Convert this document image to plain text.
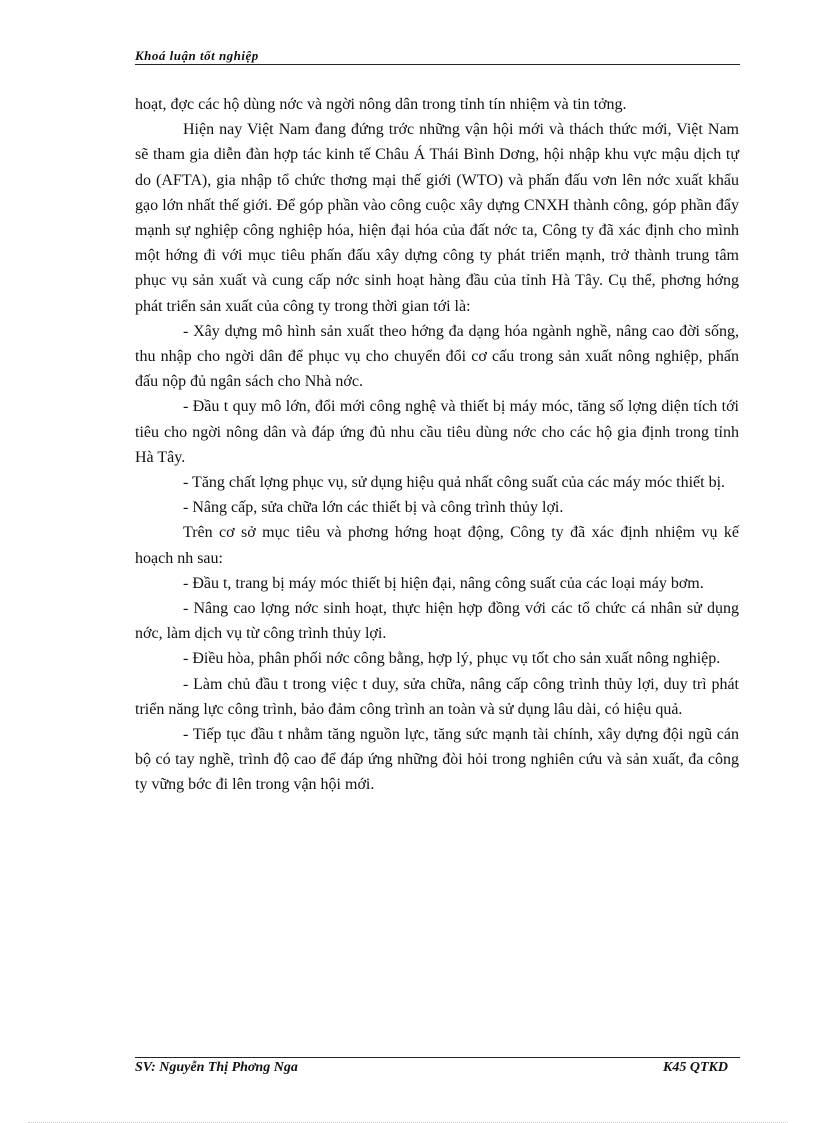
Khoá luận tốt nghiệp

hoạt, đợc các hộ dùng nớc và ngời nông dân trong tỉnh tín nhiệm và tin tởng.

Hiện nay Việt Nam đang đứng trớc những vận hội mới và thách thức mới, Việt Nam sẽ tham gia diễn đàn hợp tác kinh tế Châu Á Thái Bình Dơng, hội nhập khu vực mậu dịch tự do (AFTA), gia nhập tổ chức thơng mại thế giới (WTO) và phấn đấu vơn lên nớc xuất khẩu gạo lớn nhất thế giới. Để góp phần vào công cuộc xây dựng CNXH thành công, góp phần đẩy mạnh sự nghiệp công nghiệp hóa, hiện đại hóa của đất nớc ta, Công ty đã xác định cho mình một hớng đi với mục tiêu phấn đấu xây dựng công ty phát triển mạnh, trở thành trung tâm phục vụ sản xuất và cung cấp nớc sinh hoạt hàng đầu của tỉnh Hà Tây. Cụ thể, phơng hớng phát triển sản xuất của công ty trong thời gian tới là:

- Xây dựng mô hình sản xuất theo hớng đa dạng hóa ngành nghề, nâng cao đời sống, thu nhập cho ngời dân để phục vụ cho chuyển đổi cơ cấu trong sản xuất nông nghiệp, phấn đấu nộp đủ ngân sách cho Nhà nớc.

- Đầu t quy mô lớn, đổi mới công nghệ và thiết bị máy móc, tăng số lợng diện tích tới tiêu cho ngời nông dân và đáp ứng đủ nhu cầu tiêu dùng nớc cho các hộ gia định trong tỉnh Hà Tây.

- Tăng chất lợng phục vụ, sử dụng hiệu quả nhất công suất của các máy móc thiết bị.

- Nâng cấp, sửa chữa lớn các thiết bị và công trình thủy lợi.

Trên cơ sở mục tiêu và phơng hớng hoạt động, Công ty đã xác định nhiệm vụ kế hoạch nh sau:

- Đầu t, trang bị máy móc thiết bị hiện đại, nâng công suất của các loại máy bơm.

- Nâng cao lợng nớc sinh hoạt, thực hiện hợp đồng với các tổ chức cá nhân sử dụng nớc, làm dịch vụ từ công trình thủy lợi.

- Điều hòa, phân phối nớc công bằng, hợp lý, phục vụ tốt cho sản xuất nông nghiệp.

- Làm chủ đầu t trong việc t duy, sửa chữa, nâng cấp công trình thủy lợi, duy trì phát triển năng lực công trình, bảo đảm công trình an toàn và sử dụng lâu dài, có hiệu quả.

- Tiếp tục đầu t nhằm tăng nguồn lực, tăng sức mạnh tài chính, xây dựng đội ngũ cán bộ có tay nghề, trình độ cao để đáp ứng những đòi hỏi trong nghiên cứu và sản xuất, đa công ty vững bớc đi lên trong vận hội mới.

SV: Nguyễn Thị Phơng Nga	K45 QTKD
